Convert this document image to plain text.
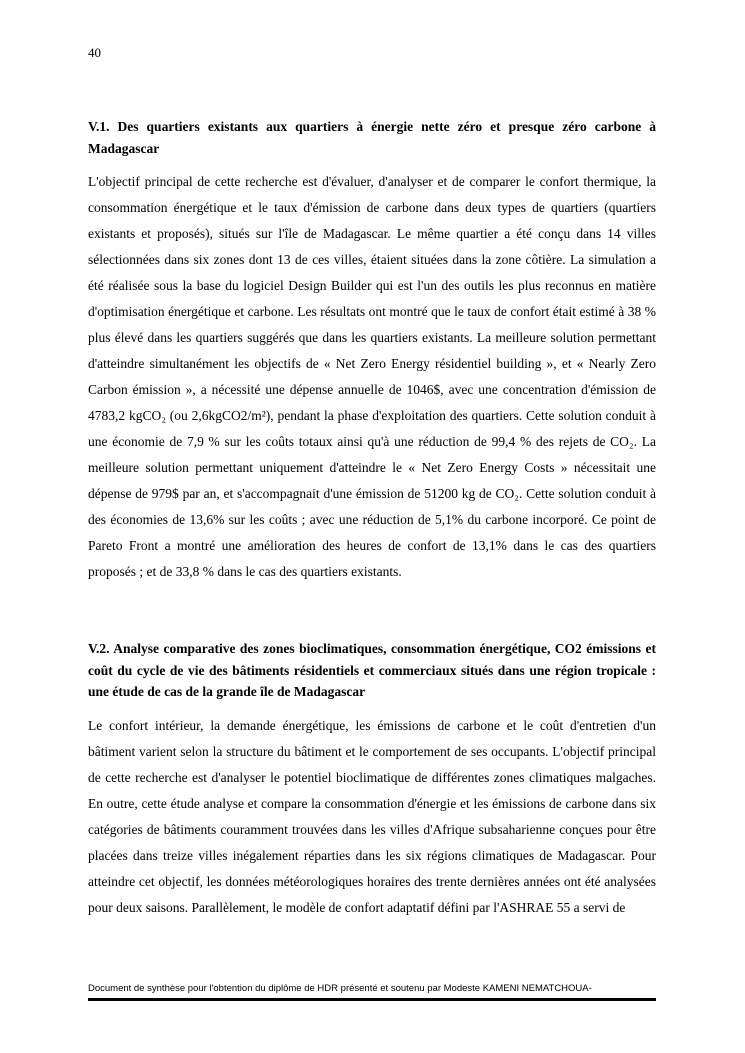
40
V.1. Des quartiers existants aux quartiers à énergie nette zéro et presque zéro carbone à Madagascar

L'objectif principal de cette recherche est d'évaluer, d'analyser et de comparer le confort thermique, la consommation énergétique et le taux d'émission de carbone dans deux types de quartiers (quartiers existants et proposés), situés sur l'île de Madagascar. Le même quartier a été conçu dans 14 villes sélectionnées dans six zones dont 13 de ces villes, étaient situées dans la zone côtière. La simulation a été réalisée sous la base du logiciel Design Builder qui est l'un des outils les plus reconnus en matière d'optimisation énergétique et carbone. Les résultats ont montré que le taux de confort était estimé à 38 % plus élevé dans les quartiers suggérés que dans les quartiers existants. La meilleure solution permettant d'atteindre simultanément les objectifs de « Net Zero Energy résidentiel building », et « Nearly Zero Carbon émission », a nécessité une dépense annuelle de 1046$, avec une concentration d'émission de 4783,2 kgCO₂ (ou 2,6kgCO2/m²), pendant la phase d'exploitation des quartiers. Cette solution conduit à une économie de 7,9 % sur les coûts totaux ainsi qu'à une réduction de 99,4 % des rejets de CO₂. La meilleure solution permettant uniquement d'atteindre le « Net Zero Energy Costs » nécessitait une dépense de 979$ par an, et s'accompagnait d'une émission de 51200 kg de CO₂. Cette solution conduit à des économies de 13,6% sur les coûts ; avec une réduction de 5,1% du carbone incorporé. Ce point de Pareto Front a montré une amélioration des heures de confort de 13,1% dans le cas des quartiers proposés ; et de 33,8 % dans le cas des quartiers existants.

V.2. Analyse comparative des zones bioclimatiques, consommation énergétique, CO2 émissions et coût du cycle de vie des bâtiments résidentiels et commerciaux situés dans une région tropicale : une étude de cas de la grande île de Madagascar

Le confort intérieur, la demande énergétique, les émissions de carbone et le coût d'entretien d'un bâtiment varient selon la structure du bâtiment et le comportement de ses occupants. L'objectif principal de cette recherche est d'analyser le potentiel bioclimatique de différentes zones climatiques malgaches. En outre, cette étude analyse et compare la consommation d'énergie et les émissions de carbone dans six catégories de bâtiments couramment trouvées dans les villes d'Afrique subsaharienne conçues pour être placées dans treize villes inégalement réparties dans les six régions climatiques de Madagascar. Pour atteindre cet objectif, les données météorologiques horaires des trente dernières années ont été analysées pour deux saisons. Parallèlement, le modèle de confort adaptatif défini par l'ASHRAE 55 a servi de

Document de synthèse pour l'obtention du diplôme de HDR présenté et soutenu par Modeste KAMENI NEMATCHOUA-
